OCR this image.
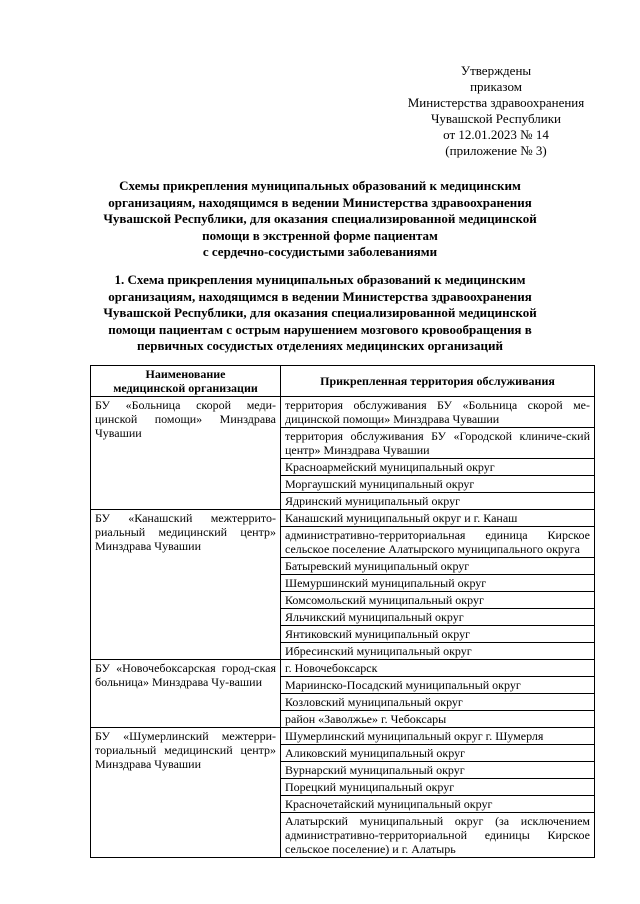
Утверждены
приказом
Министерства здравоохранения
Чувашской Республики
от 12.01.2023 № 14
(приложение № 3)
Схемы прикрепления муниципальных образований к медицинским
организациям, находящимся в ведении Министерства здравоохранения
Чувашской Республики, для оказания специализированной медицинской
помощи в экстренной форме пациентам
с сердечно-сосудистыми заболеваниями
1. Схема прикрепления муниципальных образований к медицинским
организациям, находящимся в ведении Министерства здравоохранения
Чувашской Республики, для оказания специализированной медицинской
помощи пациентам с острым нарушением мозгового кровообращения в
первичных сосудистых отделениях медицинских организаций
Наименование
медицинской организации	Прикрепленная территория обслуживания
БУ «Больница скорой меди-цинской помощи» Минздрава Чувашии	территория обслуживания БУ «Больница скорой ме-дицинской помощи» Минздрава Чувашии
	территория обслуживания БУ «Городской клиниче-ский центр» Минздрава Чувашии
	Красноармейский муниципальный округ
	Моргаушский муниципальный округ
	Ядринский муниципальный округ
БУ «Канашский межтеррито-риальный медицинский центр» Минздрава Чувашии	Канашский муниципальный округ и г. Канаш
	административно-территориальная единица Кирское сельское поселение Алатырского муниципального округа
	Батыревский муниципальный округ
	Шемуршинский муниципальный округ
	Комсомольский муниципальный округ
	Яльчикский муниципальный округ
	Янтиковский муниципальный округ
	Ибресинский муниципальный округ
БУ «Новочебоксарская город-ская больница» Минздрава Чу-вашии	г. Новочебоксарск
	Мариинско-Посадский муниципальный округ
	Козловский муниципальный округ
	район «Заволжье» г. Чебоксары
БУ «Шумерлинский межтерри-ториальный медицинский центр» Минздрава Чувашии	Шумерлинский муниципальный округ г. Шумерля
	Аликовский муниципальный округ
	Вурнарский муниципальный округ
	Порецкий муниципальный округ
	Красночетайский муниципальный округ
	Алатырский муниципальный округ (за исключением административно-территориальной единицы Кирское сельское поселение) и г. Алатырь
